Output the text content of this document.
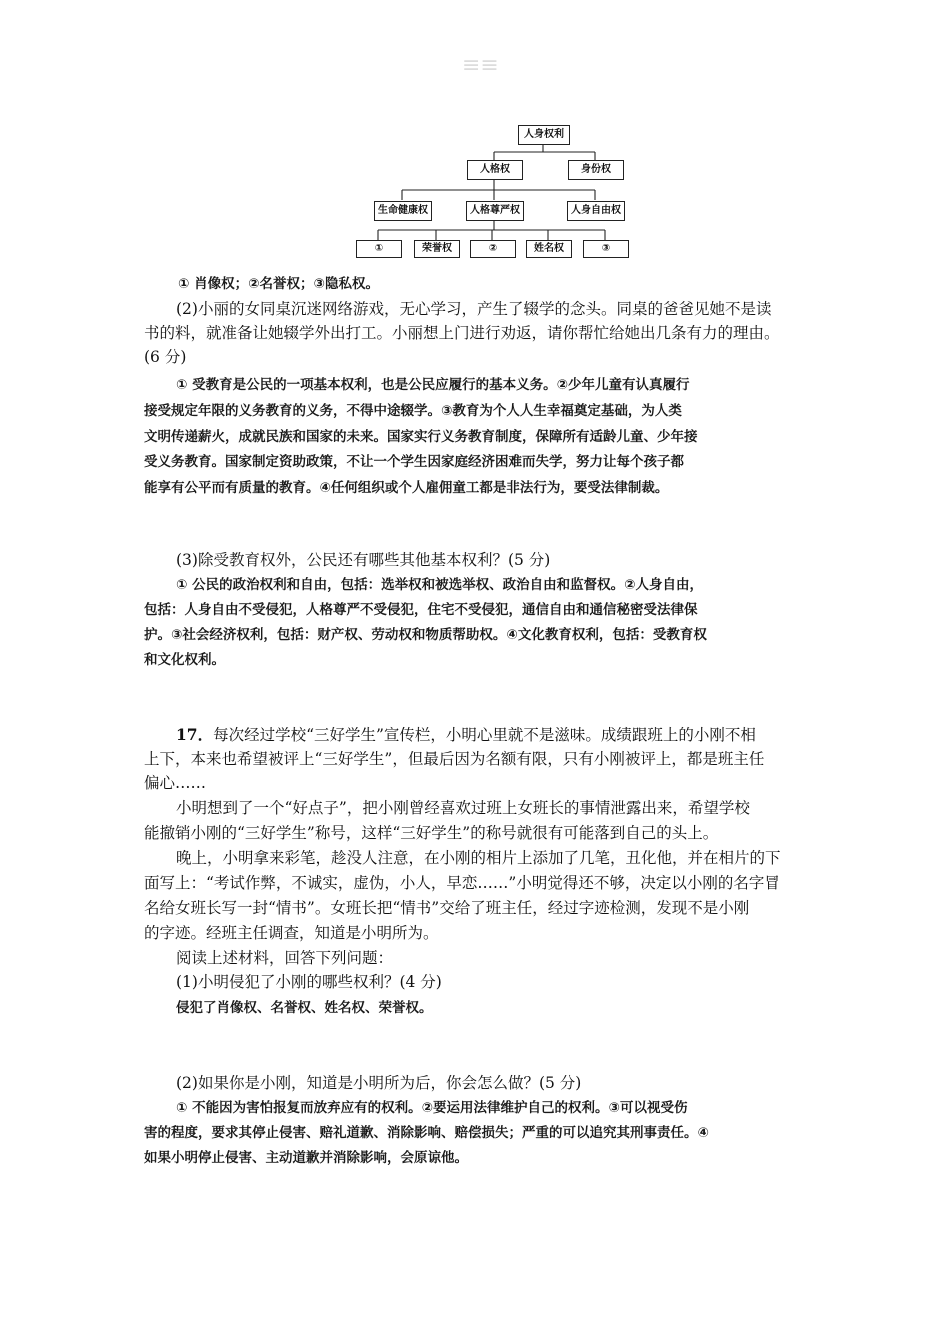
≡≡
人身权利
人格权	身份权
生命健康权	人格尊严权	人身自由权
①	荣誉权	②	姓名权	③
① 肖像权；②名誉权；③隐私权。
(2)小丽的女同桌沉迷网络游戏，无心学习，产生了辍学的念头。同桌的爸爸见她不是读
书的料，就准备让她辍学外出打工。小丽想上门进行劝返，请你帮忙给她出几条有力的理由。
(6 分)
① 受教育是公民的一项基本权利，也是公民应履行的基本义务。②少年儿童有认真履行
接受规定年限的义务教育的义务，不得中途辍学。③教育为个人人生幸福奠定基础，为人类
文明传递薪火，成就民族和国家的未来。国家实行义务教育制度，保障所有适龄儿童、少年接
受义务教育。国家制定资助政策，不让一个学生因家庭经济困难而失学，努力让每个孩子都
能享有公平而有质量的教育。④任何组织或个人雇佣童工都是非法行为，要受法律制裁。
(3)除受教育权外，公民还有哪些其他基本权利？(5 分)
① 公民的政治权利和自由，包括：选举权和被选举权、政治自由和监督权。②人身自由，
包括：人身自由不受侵犯，人格尊严不受侵犯，住宅不受侵犯，通信自由和通信秘密受法律保
护。③社会经济权利，包括：财产权、劳动权和物质帮助权。④文化教育权利，包括：受教育权
和文化权利。
17．每次经过学校“三好学生”宣传栏，小明心里就不是滋味。成绩跟班上的小刚不相
上下，本来也希望被评上“三好学生”，但最后因为名额有限，只有小刚被评上，都是班主任
偏心……
小明想到了一个“好点子”，把小刚曾经喜欢过班上女班长的事情泄露出来，希望学校
能撤销小刚的“三好学生”称号，这样“三好学生”的称号就很有可能落到自己的头上。
晚上，小明拿来彩笔，趁没人注意，在小刚的相片上添加了几笔，丑化他，并在相片的下
面写上：“考试作弊，不诚实，虚伪，小人，早恋……”小明觉得还不够，决定以小刚的名字冒
名给女班长写一封“情书”。女班长把“情书”交给了班主任，经过字迹检测，发现不是小刚
的字迹。经班主任调查，知道是小明所为。
阅读上述材料，回答下列问题：
(1)小明侵犯了小刚的哪些权利？(4 分)
侵犯了肖像权、名誉权、姓名权、荣誉权。
(2)如果你是小刚，知道是小明所为后，你会怎么做？(5 分)
① 不能因为害怕报复而放弃应有的权利。②要运用法律维护自己的权利。③可以视受伤
害的程度，要求其停止侵害、赔礼道歉、消除影响、赔偿损失；严重的可以追究其刑事责任。④
如果小明停止侵害、主动道歉并消除影响，会原谅他。
